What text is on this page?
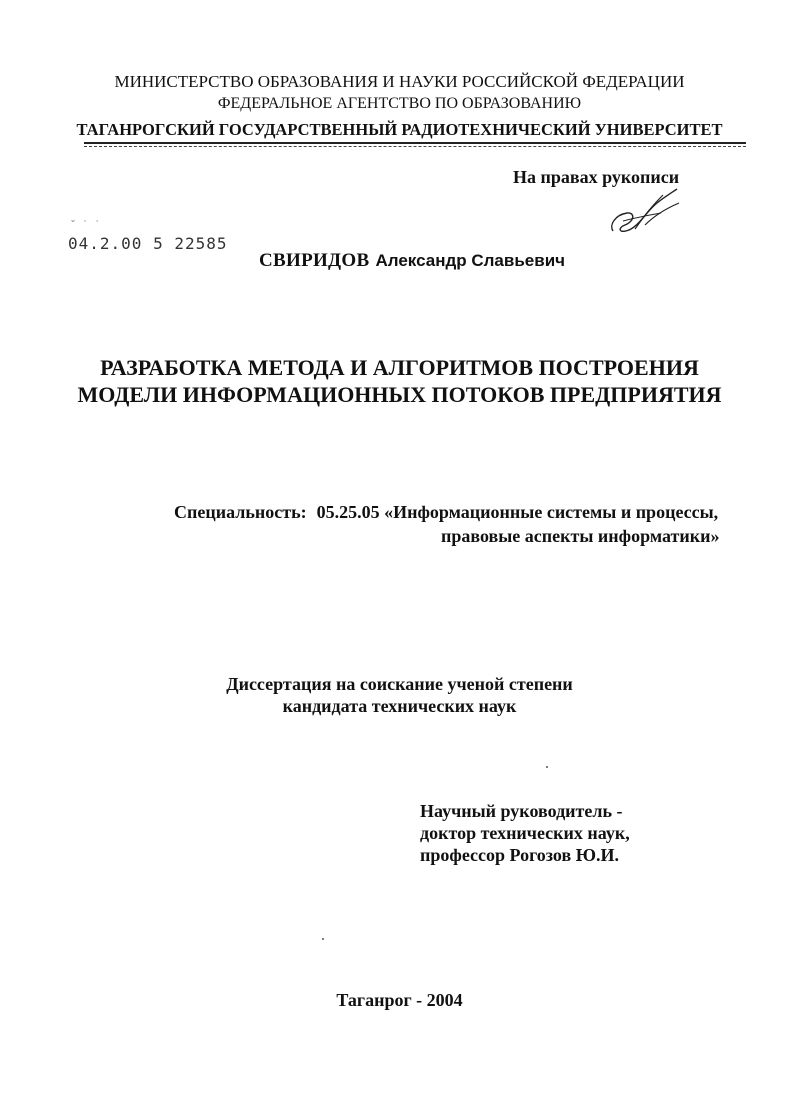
МИНИСТЕРСТВО ОБРАЗОВАНИЯ И НАУКИ РОССИЙСКОЙ ФЕДЕРАЦИИ
ФЕДЕРАЛЬНОЕ АГЕНТСТВО ПО ОБРАЗОВАНИЮ
ТАГАНРОГСКИЙ ГОСУДАРСТВЕННЫЙ РАДИОТЕХНИЧЕСКИЙ УНИВЕРСИТЕТ
На правах рукописи
˘ ˙ ˙
04.2.00 5 22585
СВИРИДОВ Александр Славьевич
РАЗРАБОТКА МЕТОДА И АЛГОРИТМОВ ПОСТРОЕНИЯ
МОДЕЛИ ИНФОРМАЦИОННЫХ ПОТОКОВ ПРЕДПРИЯТИЯ
Специальность: 05.25.05 «Информационные системы и процессы,
правовые аспекты информатики»
Диссертация на соискание ученой степени
кандидата технических наук
Научный руководитель -
доктор технических наук,
профессор Рогозов Ю.И.
Таганрог - 2004
